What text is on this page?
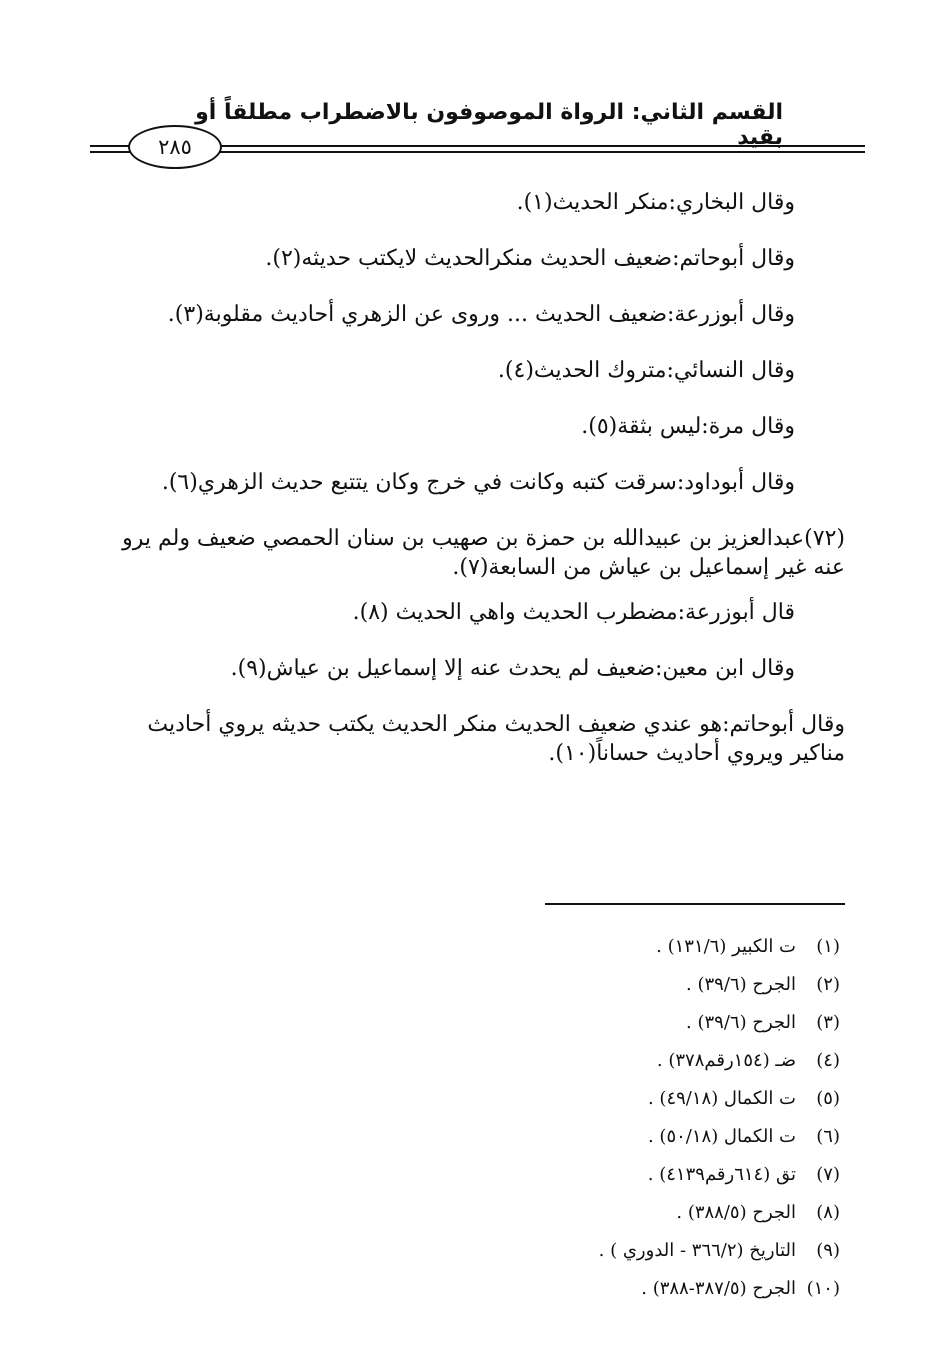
القسم الثاني: الرواة الموصوفون بالاضطراب مطلقاً أو بقيد
٢٨٥

وقال البخاري:منكر الحديث(١).

وقال أبوحاتم:ضعيف الحديث منكرالحديث لايكتب حديثه(٢).

وقال أبوزرعة:ضعيف الحديث ... وروى عن الزهري أحاديث مقلوبة(٣).

وقال النسائي:متروك الحديث(٤).

وقال مرة:ليس بثقة(٥).

وقال أبوداود:سرقت كتبه وكانت في خرج وكان يتتبع حديث الزهري(٦).

(٧٢)عبدالعزيز بن عبيدالله بن حمزة بن صهيب بن سنان الحمصي ضعيف ولم يرو عنه غير إسماعيل بن عياش من السابعة(٧).

قال أبوزرعة:مضطرب الحديث واهي الحديث (٨).

وقال ابن معين:ضعيف لم يحدث عنه إلا إسماعيل بن عياش(٩).

وقال أبوحاتم:هو عندي ضعيف الحديث منكر الحديث يكتب حديثه يروي أحاديث مناكير ويروي أحاديث حساناً(١٠).

(١)ت الكبير (١٣١/٦) .
(٢)الجرح (٣٩/٦) .
(٣)الجرح (٣٩/٦) .
(٤)ضـ (١٥٤رقم٣٧٨) .
(٥)ت الكمال (٤٩/١٨) .
(٦)ت الكمال (٥٠/١٨) .
(٧)تق (٦١٤رقم٤١٣٩) .
(٨)الجرح (٣٨٨/٥) .
(٩)التاريخ (٣٦٦/٢ - الدوري ) .
(١٠)الجرح (٣٨٧/٥-٣٨٨) .
